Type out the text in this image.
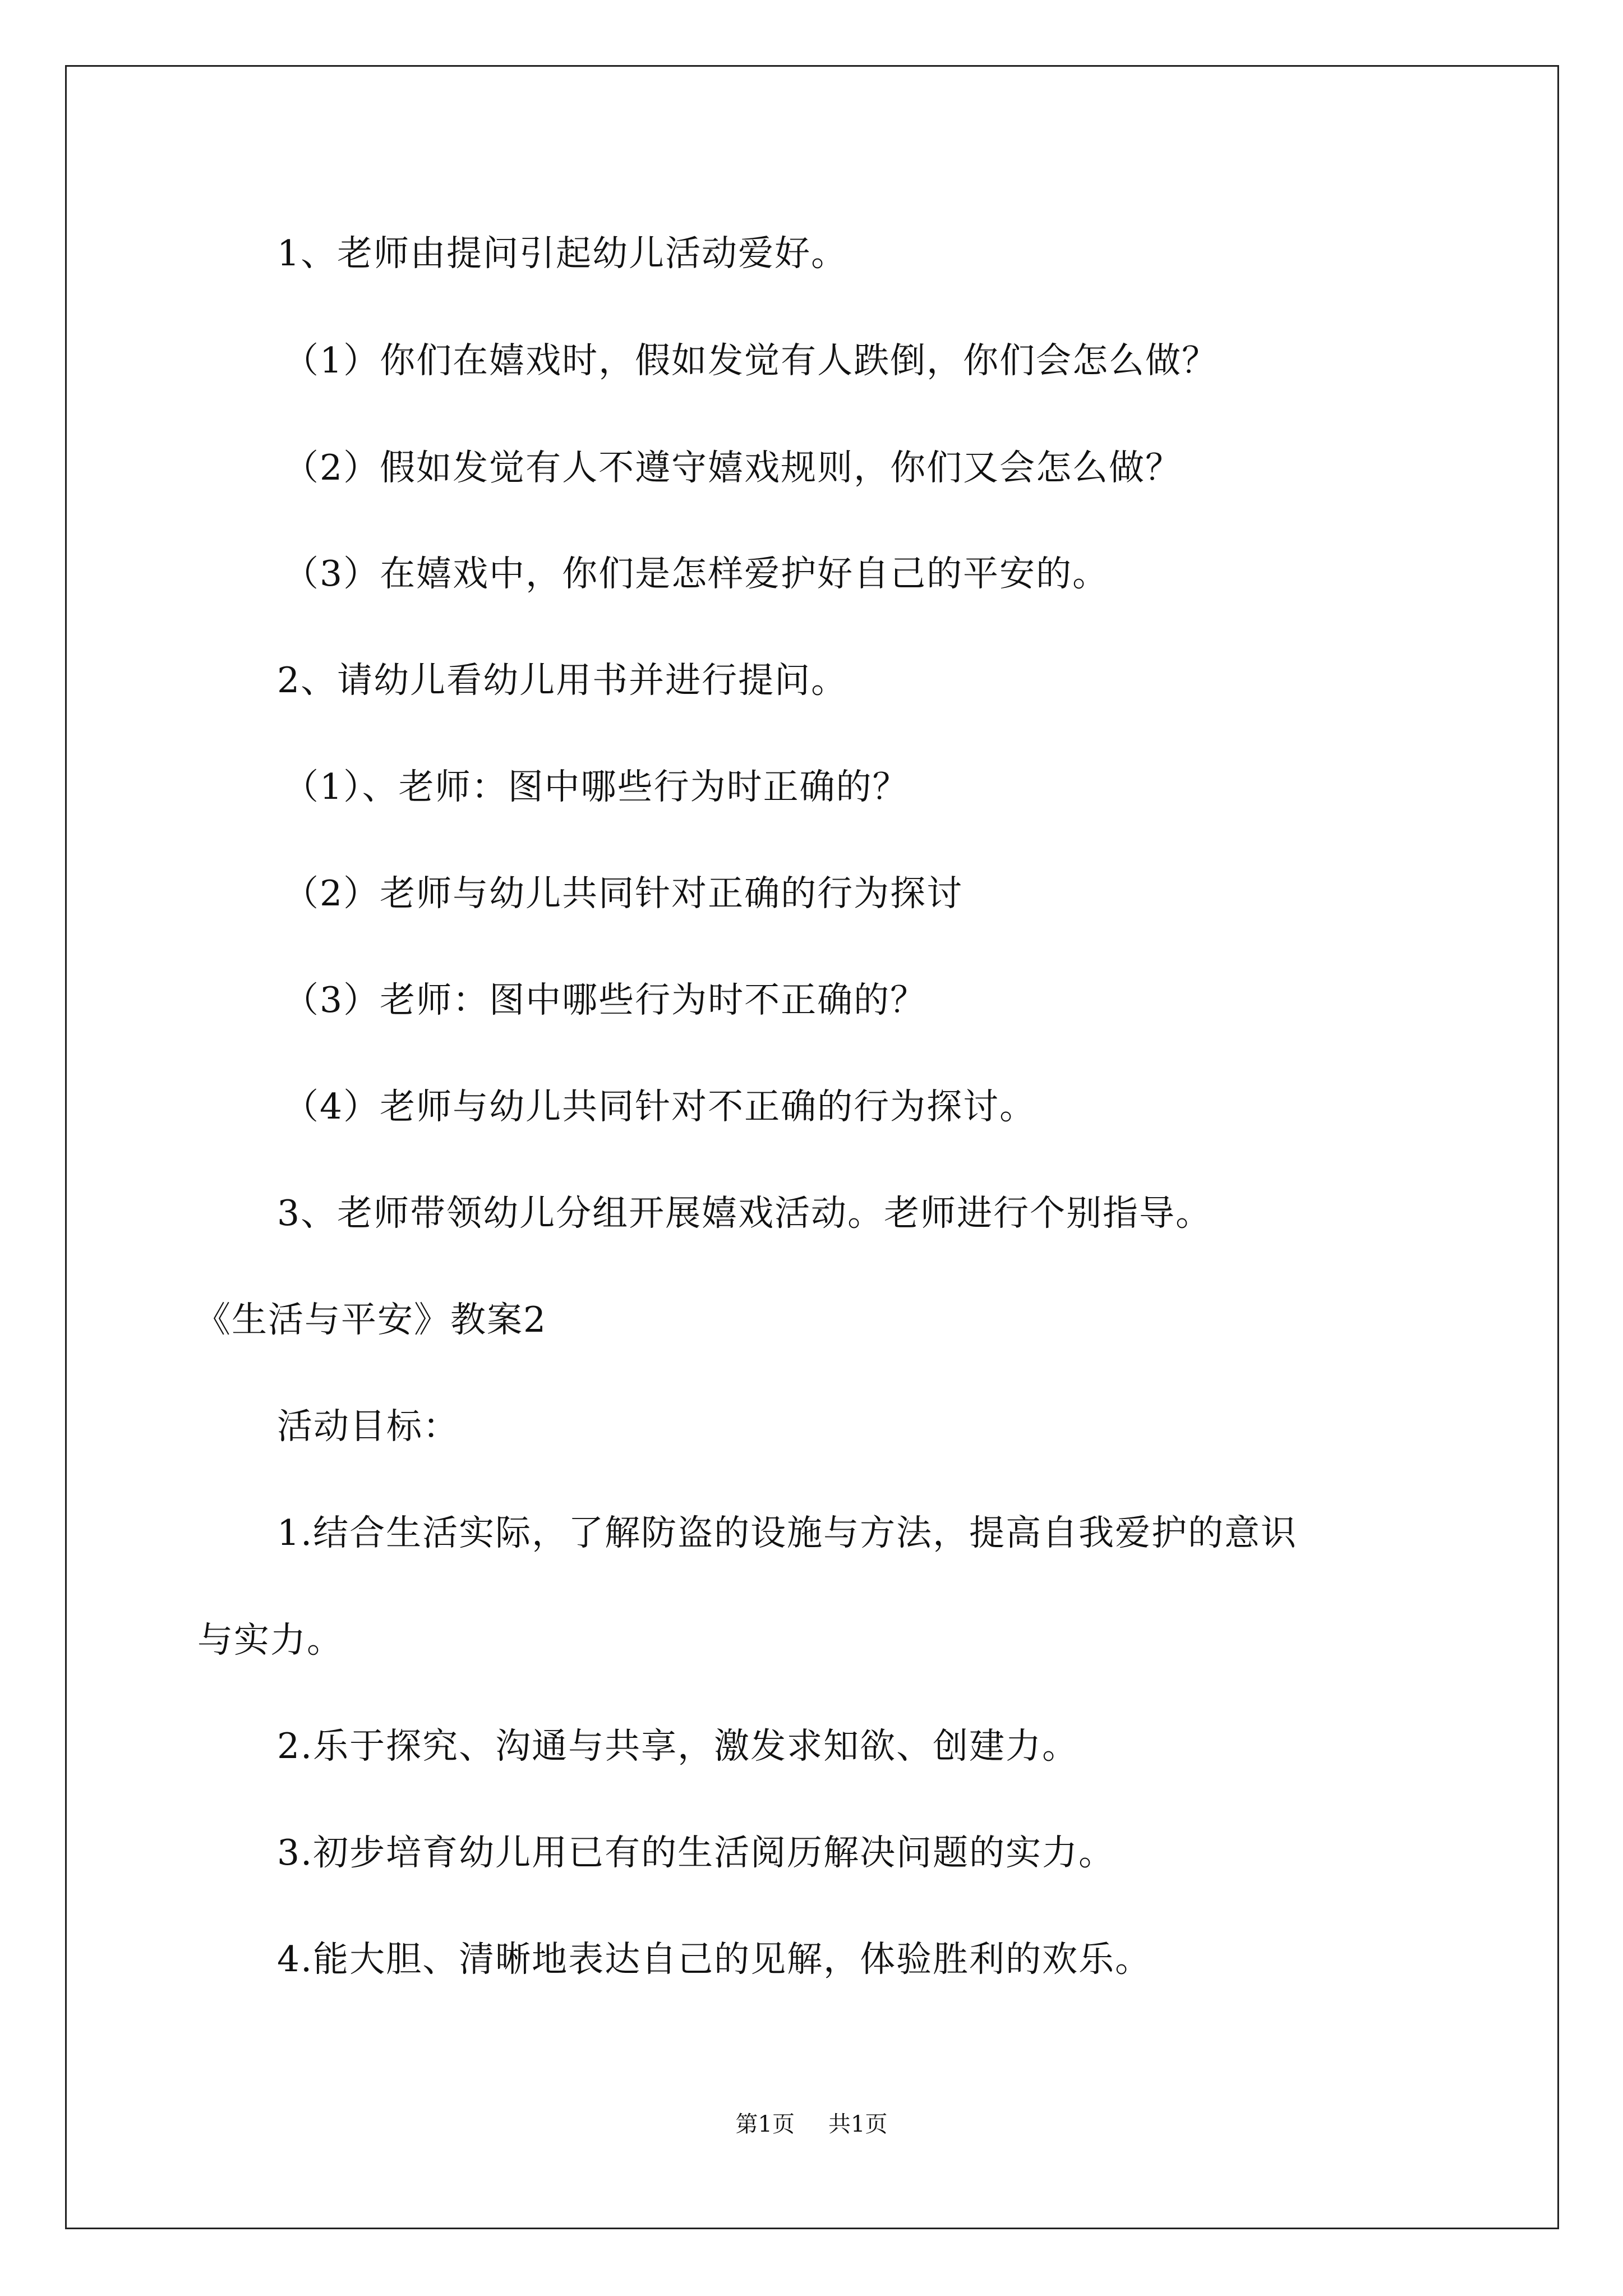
1、老师由提问引起幼儿活动爱好。
（1）你们在嬉戏时，假如发觉有人跌倒，你们会怎么做？
（2）假如发觉有人不遵守嬉戏规则，你们又会怎么做？
（3）在嬉戏中，你们是怎样爱护好自己的平安的。
2、请幼儿看幼儿用书并进行提问。
（1）、老师：图中哪些行为时正确的？
（2）老师与幼儿共同针对正确的行为探讨
（3）老师：图中哪些行为时不正确的？
（4）老师与幼儿共同针对不正确的行为探讨。
3、老师带领幼儿分组开展嬉戏活动。老师进行个别指导。
《生活与平安》教案2
活动目标：
1.结合生活实际，了解防盗的设施与方法，提高自我爱护的意识
与实力。
2.乐于探究、沟通与共享，激发求知欲、创建力。
3.初步培育幼儿用已有的生活阅历解决问题的实力。
4.能大胆、清晰地表达自己的见解，体验胜利的欢乐。
第1页 共1页
